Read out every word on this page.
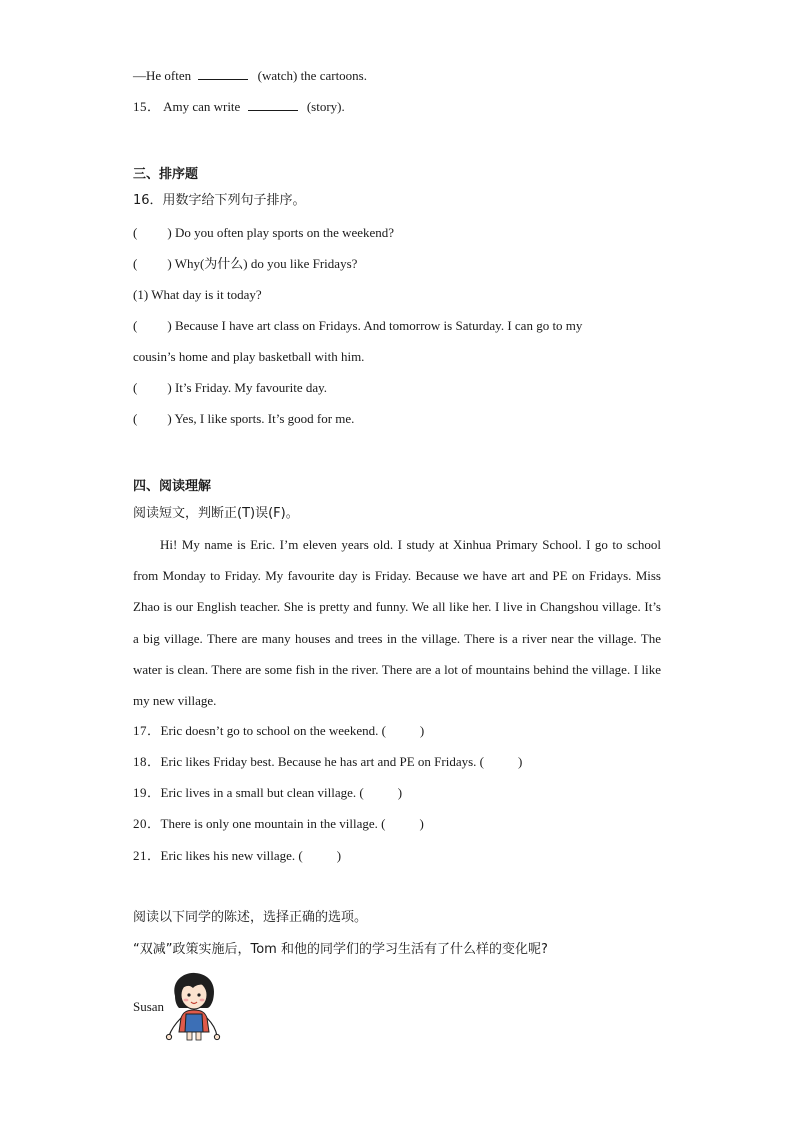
—He often	(watch) the cartoons.
15． Amy can write	(story).
三、排序题
16．用数字给下列句子排序。
( ) Do you often play sports on the weekend?
( ) Why(为什么) do you like Fridays?
(1) What day is it today?
( ) Because I have art class on Fridays. And tomorrow is Saturday. I can go to my
cousin’s home and play basketball with him.
( ) It’s Friday. My favourite day.
( ) Yes, I like sports. It’s good for me.
四、阅读理解
阅读短文，判断正(T)误(F)。
Hi! My name is Eric. I’m eleven years old. I study at Xinhua Primary School. I go to school from Monday to Friday. My favourite day is Friday. Because we have art and PE on Fridays. Miss Zhao is our English teacher. She is pretty and funny. We all like her. I live in Changshou village. It’s a big village. There are many houses and trees in the village. There is a river near the village. The water is clean. There are some fish in the river. There are a lot of mountains behind the village. I like my new village.
17．Eric doesn’t go to school on the weekend. (	)
18．Eric likes Friday best. Because he has art and PE on Fridays. (	)
19．Eric lives in a small but clean village. (	)
20．There is only one mountain in the village. (	)
21．Eric likes his new village. (	)
阅读以下同学的陈述，选择正确的选项。
“双减”政策实施后，Tom 和他的同学们的学习生活有了什么样的变化呢?
Susan
